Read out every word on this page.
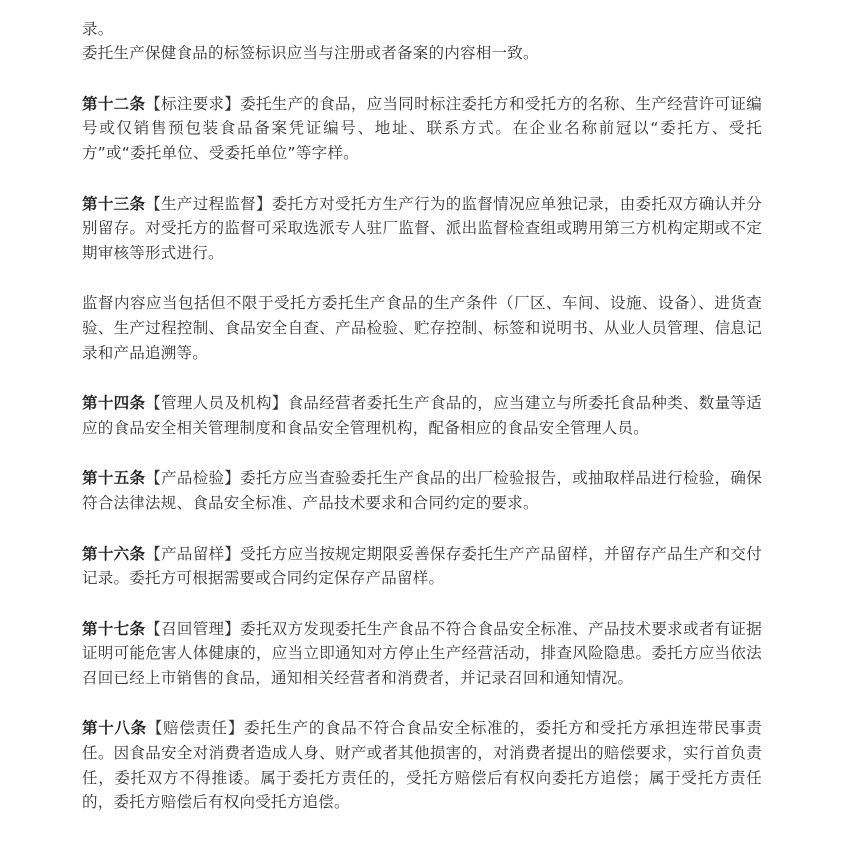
录。
委托生产保健食品的标签标识应当与注册或者备案的内容相一致。

第十二条【标注要求】委托生产的食品，应当同时标注委托方和受托方的名称、生产经营许可证编号或仅销售预包装食品备案凭证编号、地址、联系方式。在企业名称前冠以“委托方、受托方”或“委托单位、受委托单位”等字样。

第十三条【生产过程监督】委托方对受托方生产行为的监督情况应单独记录，由委托双方确认并分别留存。对受托方的监督可采取选派专人驻厂监督、派出监督检查组或聘用第三方机构定期或不定期审核等形式进行。

监督内容应当包括但不限于受托方委托生产食品的生产条件（厂区、车间、设施、设备）、进货查验、生产过程控制、食品安全自查、产品检验、贮存控制、标签和说明书、从业人员管理、信息记录和产品追溯等。

第十四条【管理人员及机构】食品经营者委托生产食品的，应当建立与所委托食品种类、数量等适应的食品安全相关管理制度和食品安全管理机构，配备相应的食品安全管理人员。

第十五条【产品检验】委托方应当查验委托生产食品的出厂检验报告，或抽取样品进行检验，确保符合法律法规、食品安全标准、产品技术要求和合同约定的要求。

第十六条【产品留样】受托方应当按规定期限妥善保存委托生产产品留样，并留存产品生产和交付记录。委托方可根据需要或合同约定保存产品留样。

第十七条【召回管理】委托双方发现委托生产食品不符合食品安全标准、产品技术要求或者有证据证明可能危害人体健康的，应当立即通知对方停止生产经营活动，排查风险隐患。委托方应当依法召回已经上市销售的食品，通知相关经营者和消费者，并记录召回和通知情况。

第十八条【赔偿责任】委托生产的食品不符合食品安全标准的，委托方和受托方承担连带民事责任。因食品安全对消费者造成人身、财产或者其他损害的，对消费者提出的赔偿要求，实行首负责任，委托双方不得推诿。属于委托方责任的，受托方赔偿后有权向委托方追偿；属于受托方责任的，委托方赔偿后有权向受托方追偿。
